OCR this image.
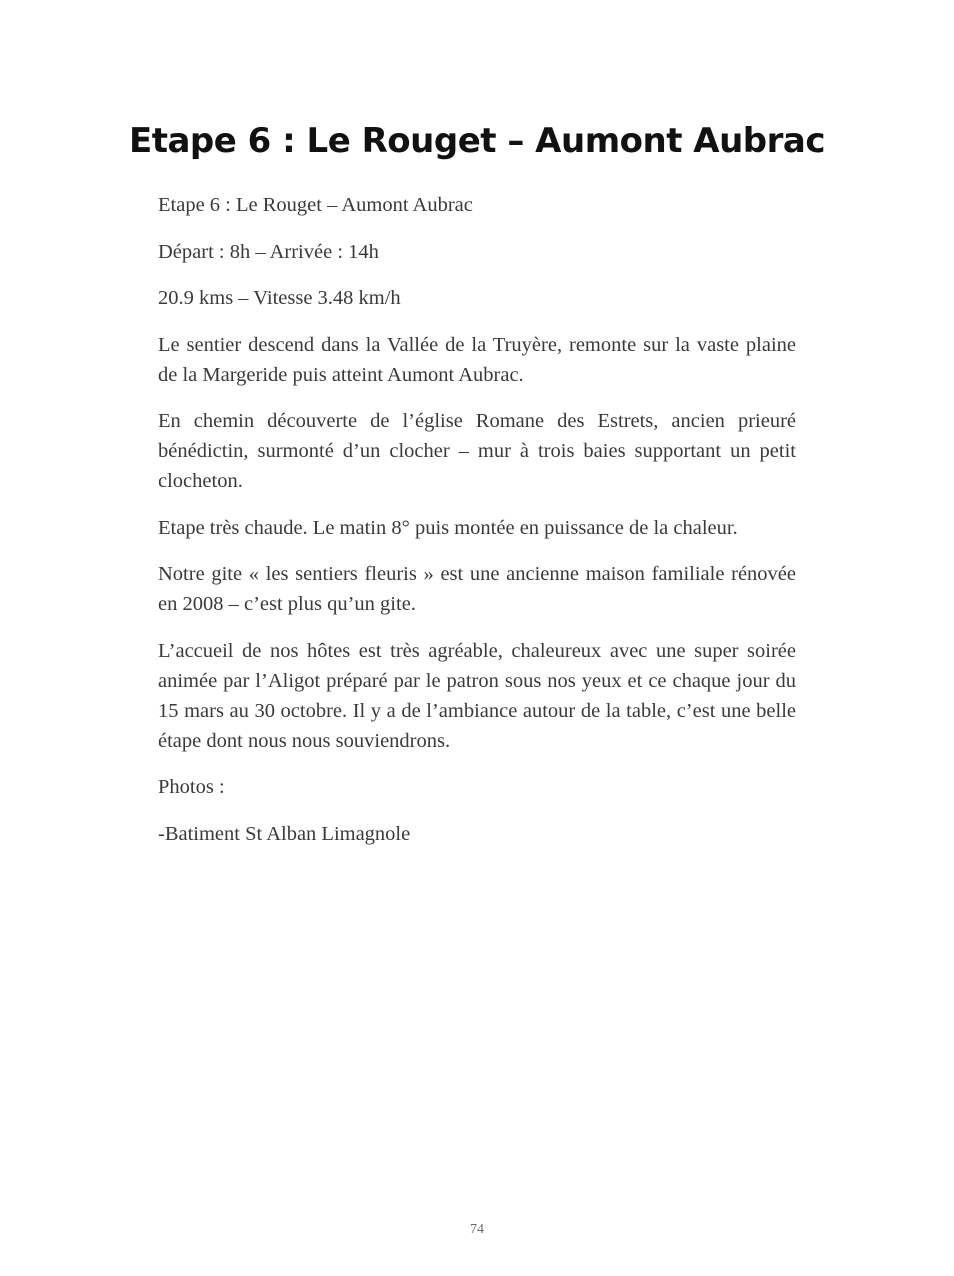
Etape 6 : Le Rouget – Aumont Aubrac

Etape 6 : Le Rouget – Aumont Aubrac

Départ : 8h – Arrivée : 14h

20.9 kms – Vitesse 3.48 km/h

Le sentier descend dans la Vallée de la Truyère, remonte sur la vaste plaine de la Margeride puis atteint Aumont Aubrac.

En chemin découverte de l’église Romane des Estrets, ancien prieuré bénédictin, surmonté d’un clocher – mur à trois baies supportant un petit clocheton.

Etape très chaude. Le matin 8° puis montée en puissance de la chaleur.

Notre gite « les sentiers fleuris » est une ancienne maison familiale rénovée en 2008 – c’est plus qu’un gite.

L’accueil de nos hôtes est très agréable, chaleureux avec une super soirée animée par l’Aligot préparé par le patron sous nos yeux et ce chaque jour du 15 mars au 30 octobre. Il y a de l’ambiance autour de la table, c’est une belle étape dont nous nous souviendrons.

Photos :

-Batiment St Alban Limagnole

74
